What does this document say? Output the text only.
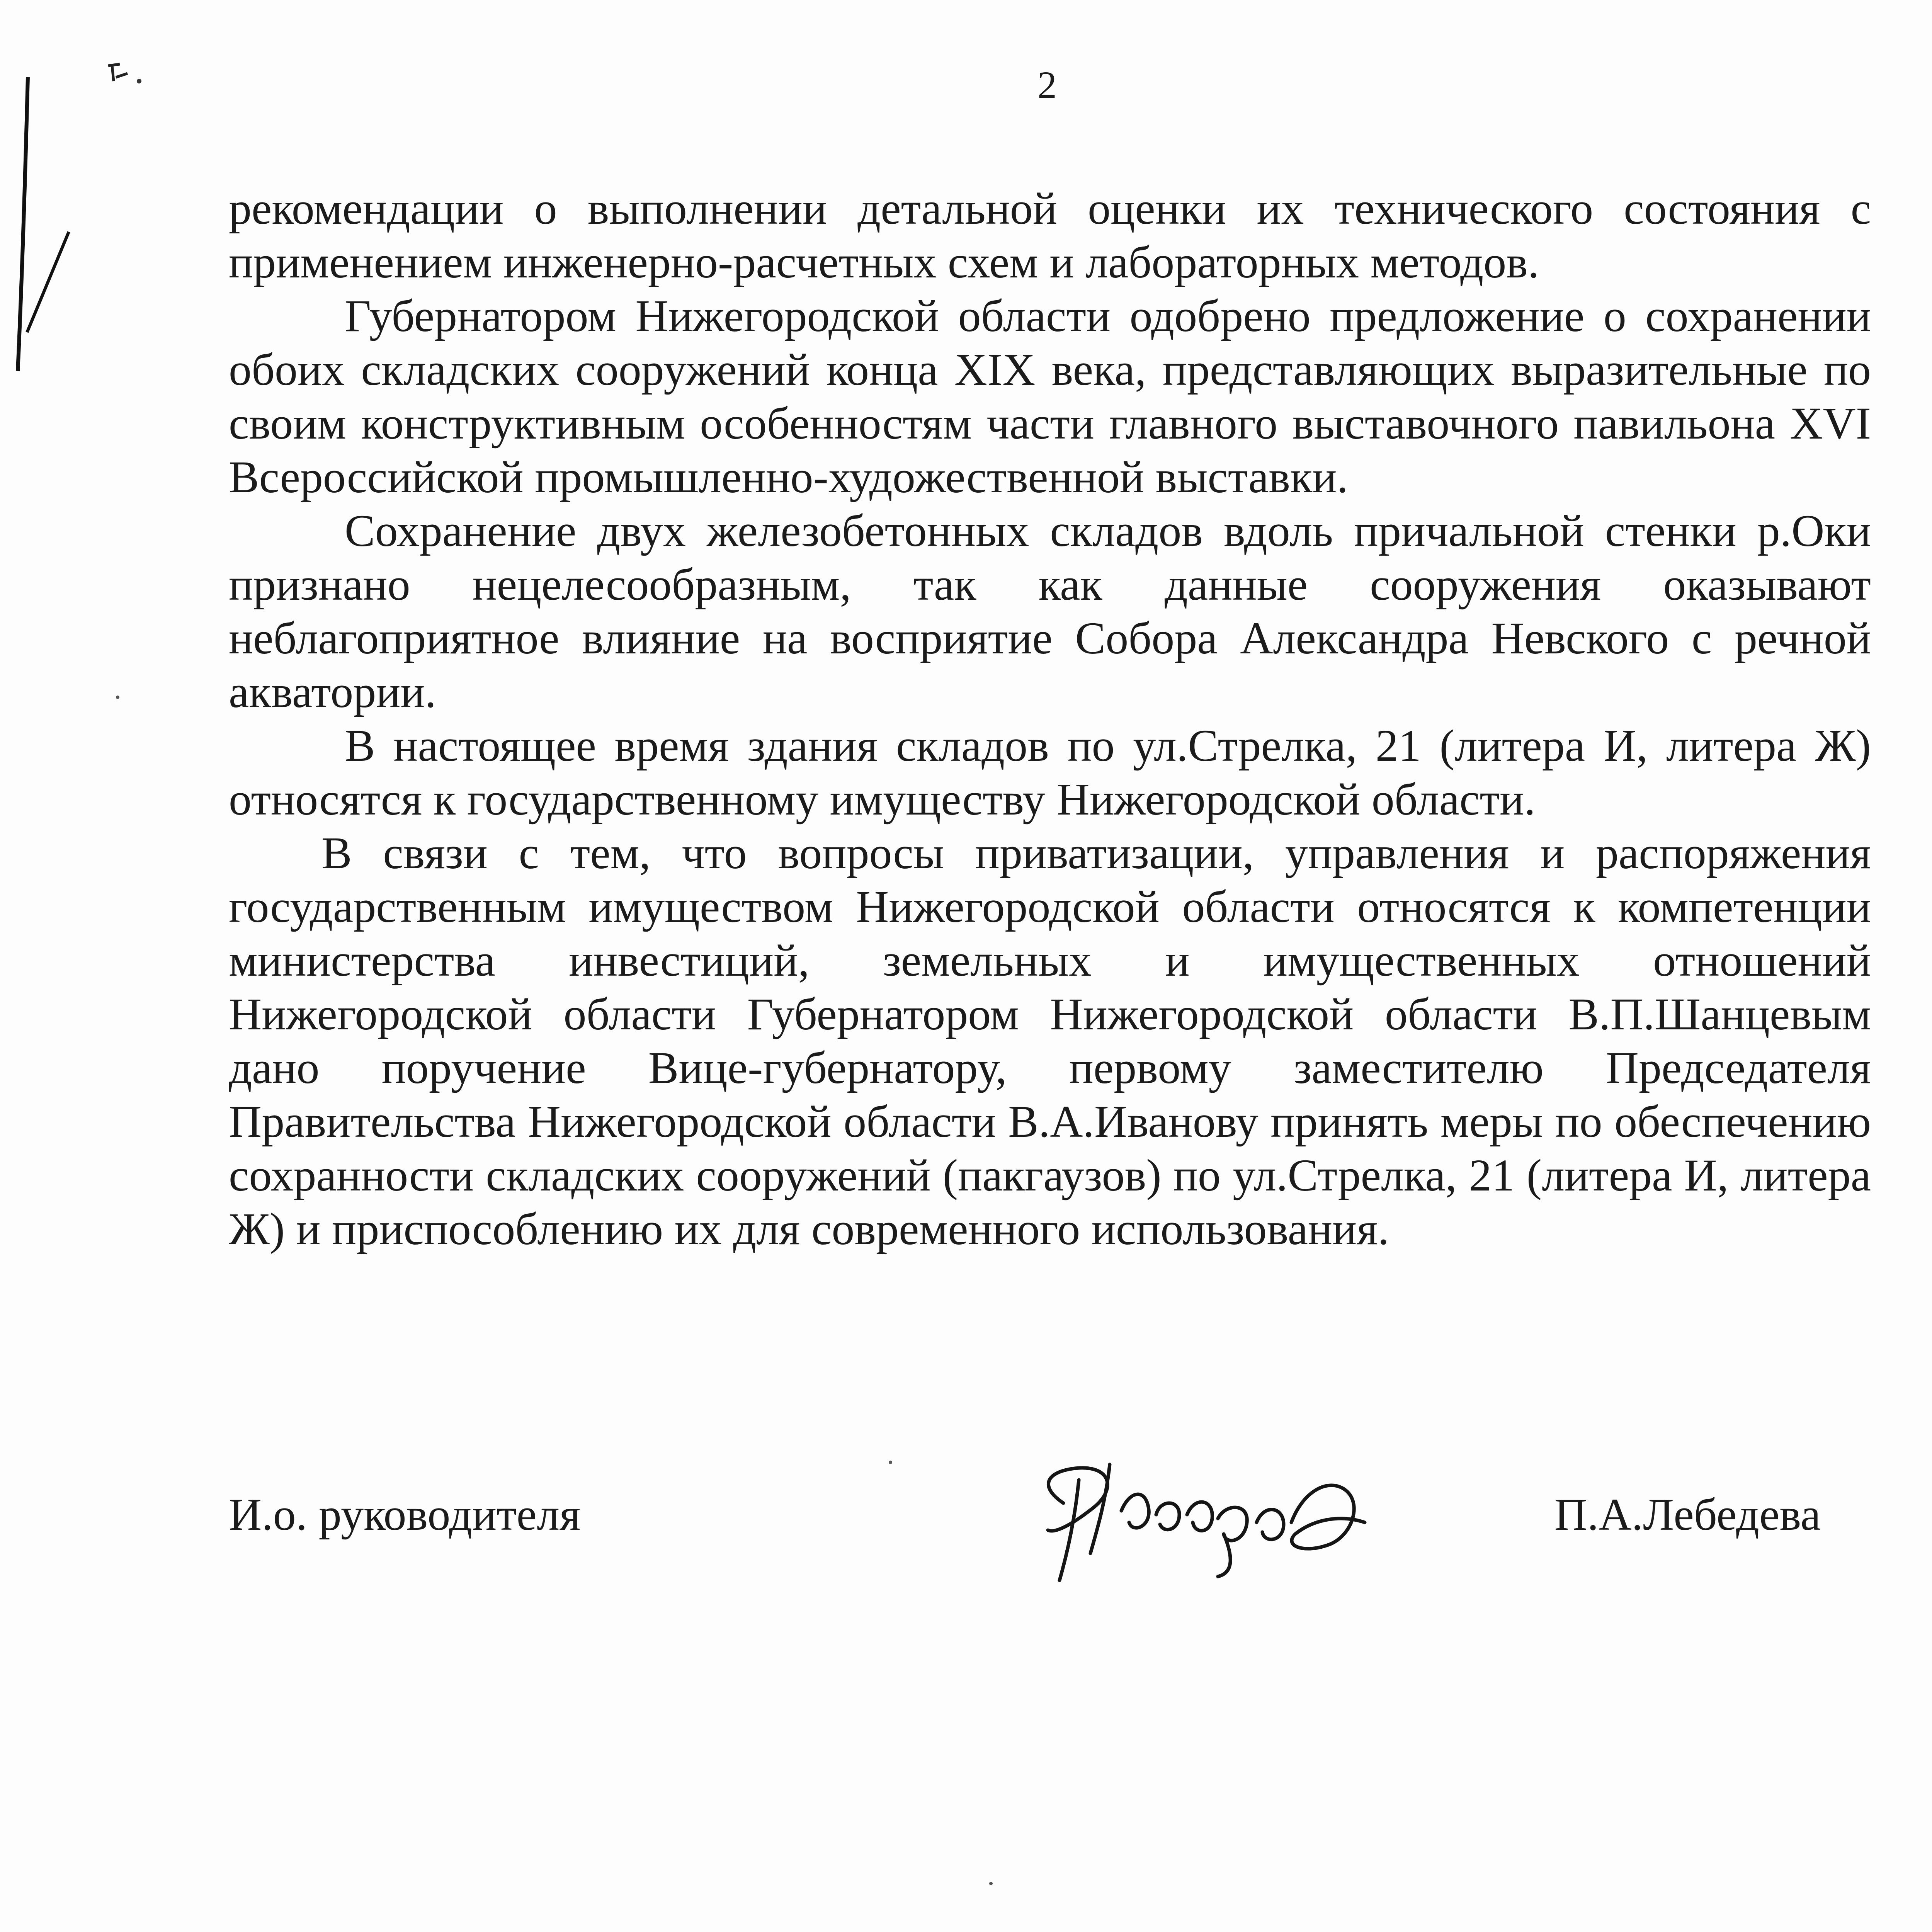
2

рекомендации о выполнении детальной оценки их технического состояния с применением инженерно-расчетных схем и лабораторных методов.

Губернатором Нижегородской области одобрено предложение о сохранении обоих складских сооружений конца XIX века, представляющих выразительные по своим конструктивным особенностям части главного выставочного павильона XVI Всероссийской промышленно-художественной выставки.

Сохранение двух железобетонных складов вдоль причальной стенки р.Оки признано нецелесообразным, так как данные сооружения оказывают неблагоприятное влияние на восприятие Собора Александра Невского с речной акватории.

В настоящее время здания складов по ул.Стрелка, 21 (литера И, литера Ж) относятся к государственному имуществу Нижегородской области.

В связи с тем, что вопросы приватизации, управления и распоряжения государственным имуществом Нижегородской области относятся к компетенции министерства инвестиций, земельных и имущественных отношений Нижегородской области Губернатором Нижегородской области В.П.Шанцевым дано поручение Вице-губернатору, первому заместителю Председателя Правительства Нижегородской области В.А.Иванову принять меры по обеспечению сохранности складских сооружений (пакгаузов) по ул.Стрелка, 21 (литера И, литера Ж) и приспособлению их для современного использования.

И.о. руководителя	П.А.Лебедева
